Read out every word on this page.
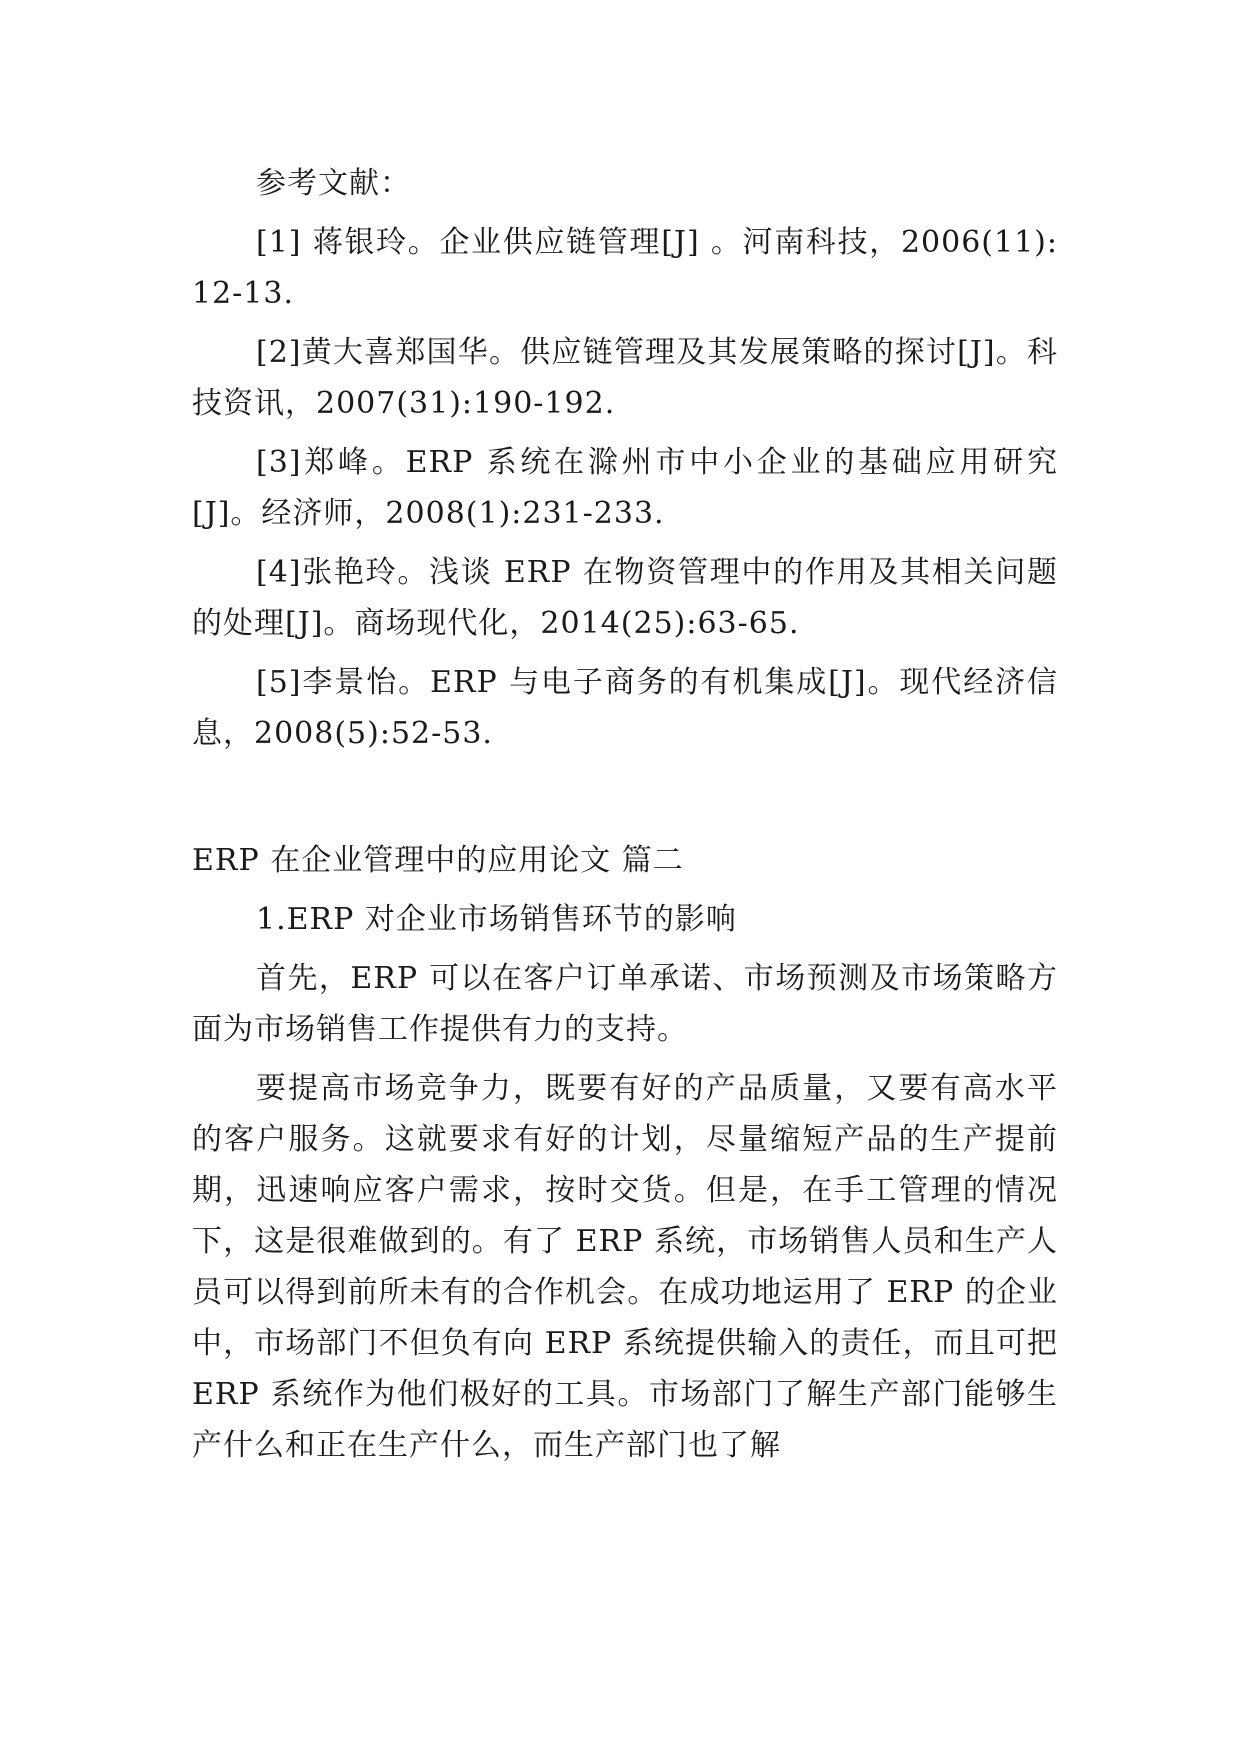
参考文献：

[1] 蒋银玲。企业供应链管理[J] 。河南科技，2006(11):12-13.

[2]黄大喜郑国华。供应链管理及其发展策略的探讨[J]。科技资讯，2007(31):190-192.

[3]郑峰。ERP 系统在滁州市中小企业的基础应用研究[J]。经济师，2008(1):231-233.

[4]张艳玲。浅谈 ERP 在物资管理中的作用及其相关问题的处理[J]。商场现代化，2014(25):63-65.

[5]李景怡。ERP 与电子商务的有机集成[J]。现代经济信息，2008(5):52-53.

ERP 在企业管理中的应用论文 篇二

1.ERP 对企业市场销售环节的影响

首先，ERP 可以在客户订单承诺、市场预测及市场策略方面为市场销售工作提供有力的支持。

要提高市场竞争力，既要有好的产品质量，又要有高水平的客户服务。这就要求有好的计划，尽量缩短产品的生产提前期，迅速响应客户需求，按时交货。但是，在手工管理的情况下，这是很难做到的。有了 ERP 系统，市场销售人员和生产人员可以得到前所未有的合作机会。在成功地运用了 ERP 的企业中，市场部门不但负有向 ERP 系统提供输入的责任，而且可把 ERP 系统作为他们极好的工具。市场部门了解生产部门能够生产什么和正在生产什么，而生产部门也了解
